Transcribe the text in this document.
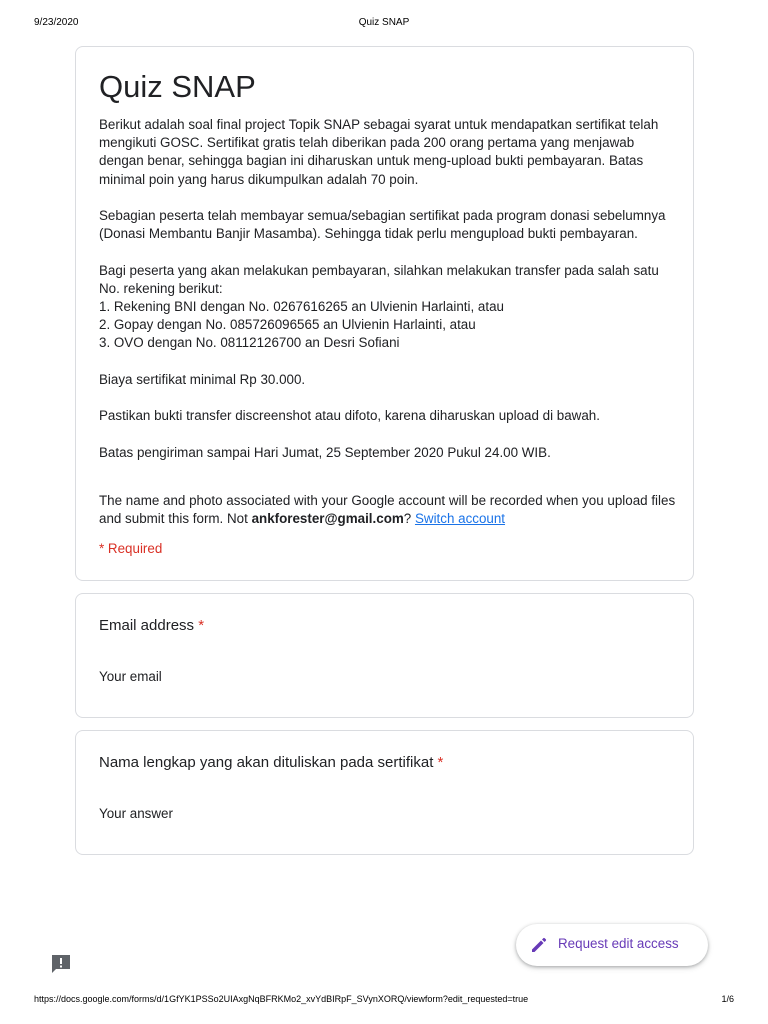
9/23/2020	Quiz SNAP
Quiz SNAP

Berikut adalah soal final project Topik SNAP sebagai syarat untuk mendapatkan sertifikat telah mengikuti GOSC. Sertifikat gratis telah diberikan pada 200 orang pertama yang menjawab dengan benar, sehingga bagian ini diharuskan untuk meng-upload bukti pembayaran. Batas minimal poin yang harus dikumpulkan adalah 70 poin.

Sebagian peserta telah membayar semua/sebagian sertifikat pada program donasi sebelumnya (Donasi Membantu Banjir Masamba). Sehingga tidak perlu mengupload bukti pembayaran.

Bagi peserta yang akan melakukan pembayaran, silahkan melakukan transfer pada salah satu No. rekening berikut:
1. Rekening BNI dengan No. 0267616265 an Ulvienin Harlainti, atau
2. Gopay dengan No. 085726096565 an Ulvienin Harlainti, atau
3. OVO dengan No. 08112126700 an Desri Sofiani

Biaya sertifikat minimal Rp 30.000.

Pastikan bukti transfer discreenshot atau difoto, karena diharuskan upload di bawah.

Batas pengiriman sampai Hari Jumat, 25 September 2020 Pukul 24.00 WIB.

The name and photo associated with your Google account will be recorded when you upload files and submit this form. Not ankforester@gmail.com? Switch account
* Required
Email address *
Your email
Nama lengkap yang akan dituliskan pada sertifikat *
Your answer
Request edit access
https://docs.google.com/forms/d/1GfYK1PSSo2UIAxgNqBFRKMo2_xvYdBIRpF_SVynXORQ/viewform?edit_requested=true	1/6
